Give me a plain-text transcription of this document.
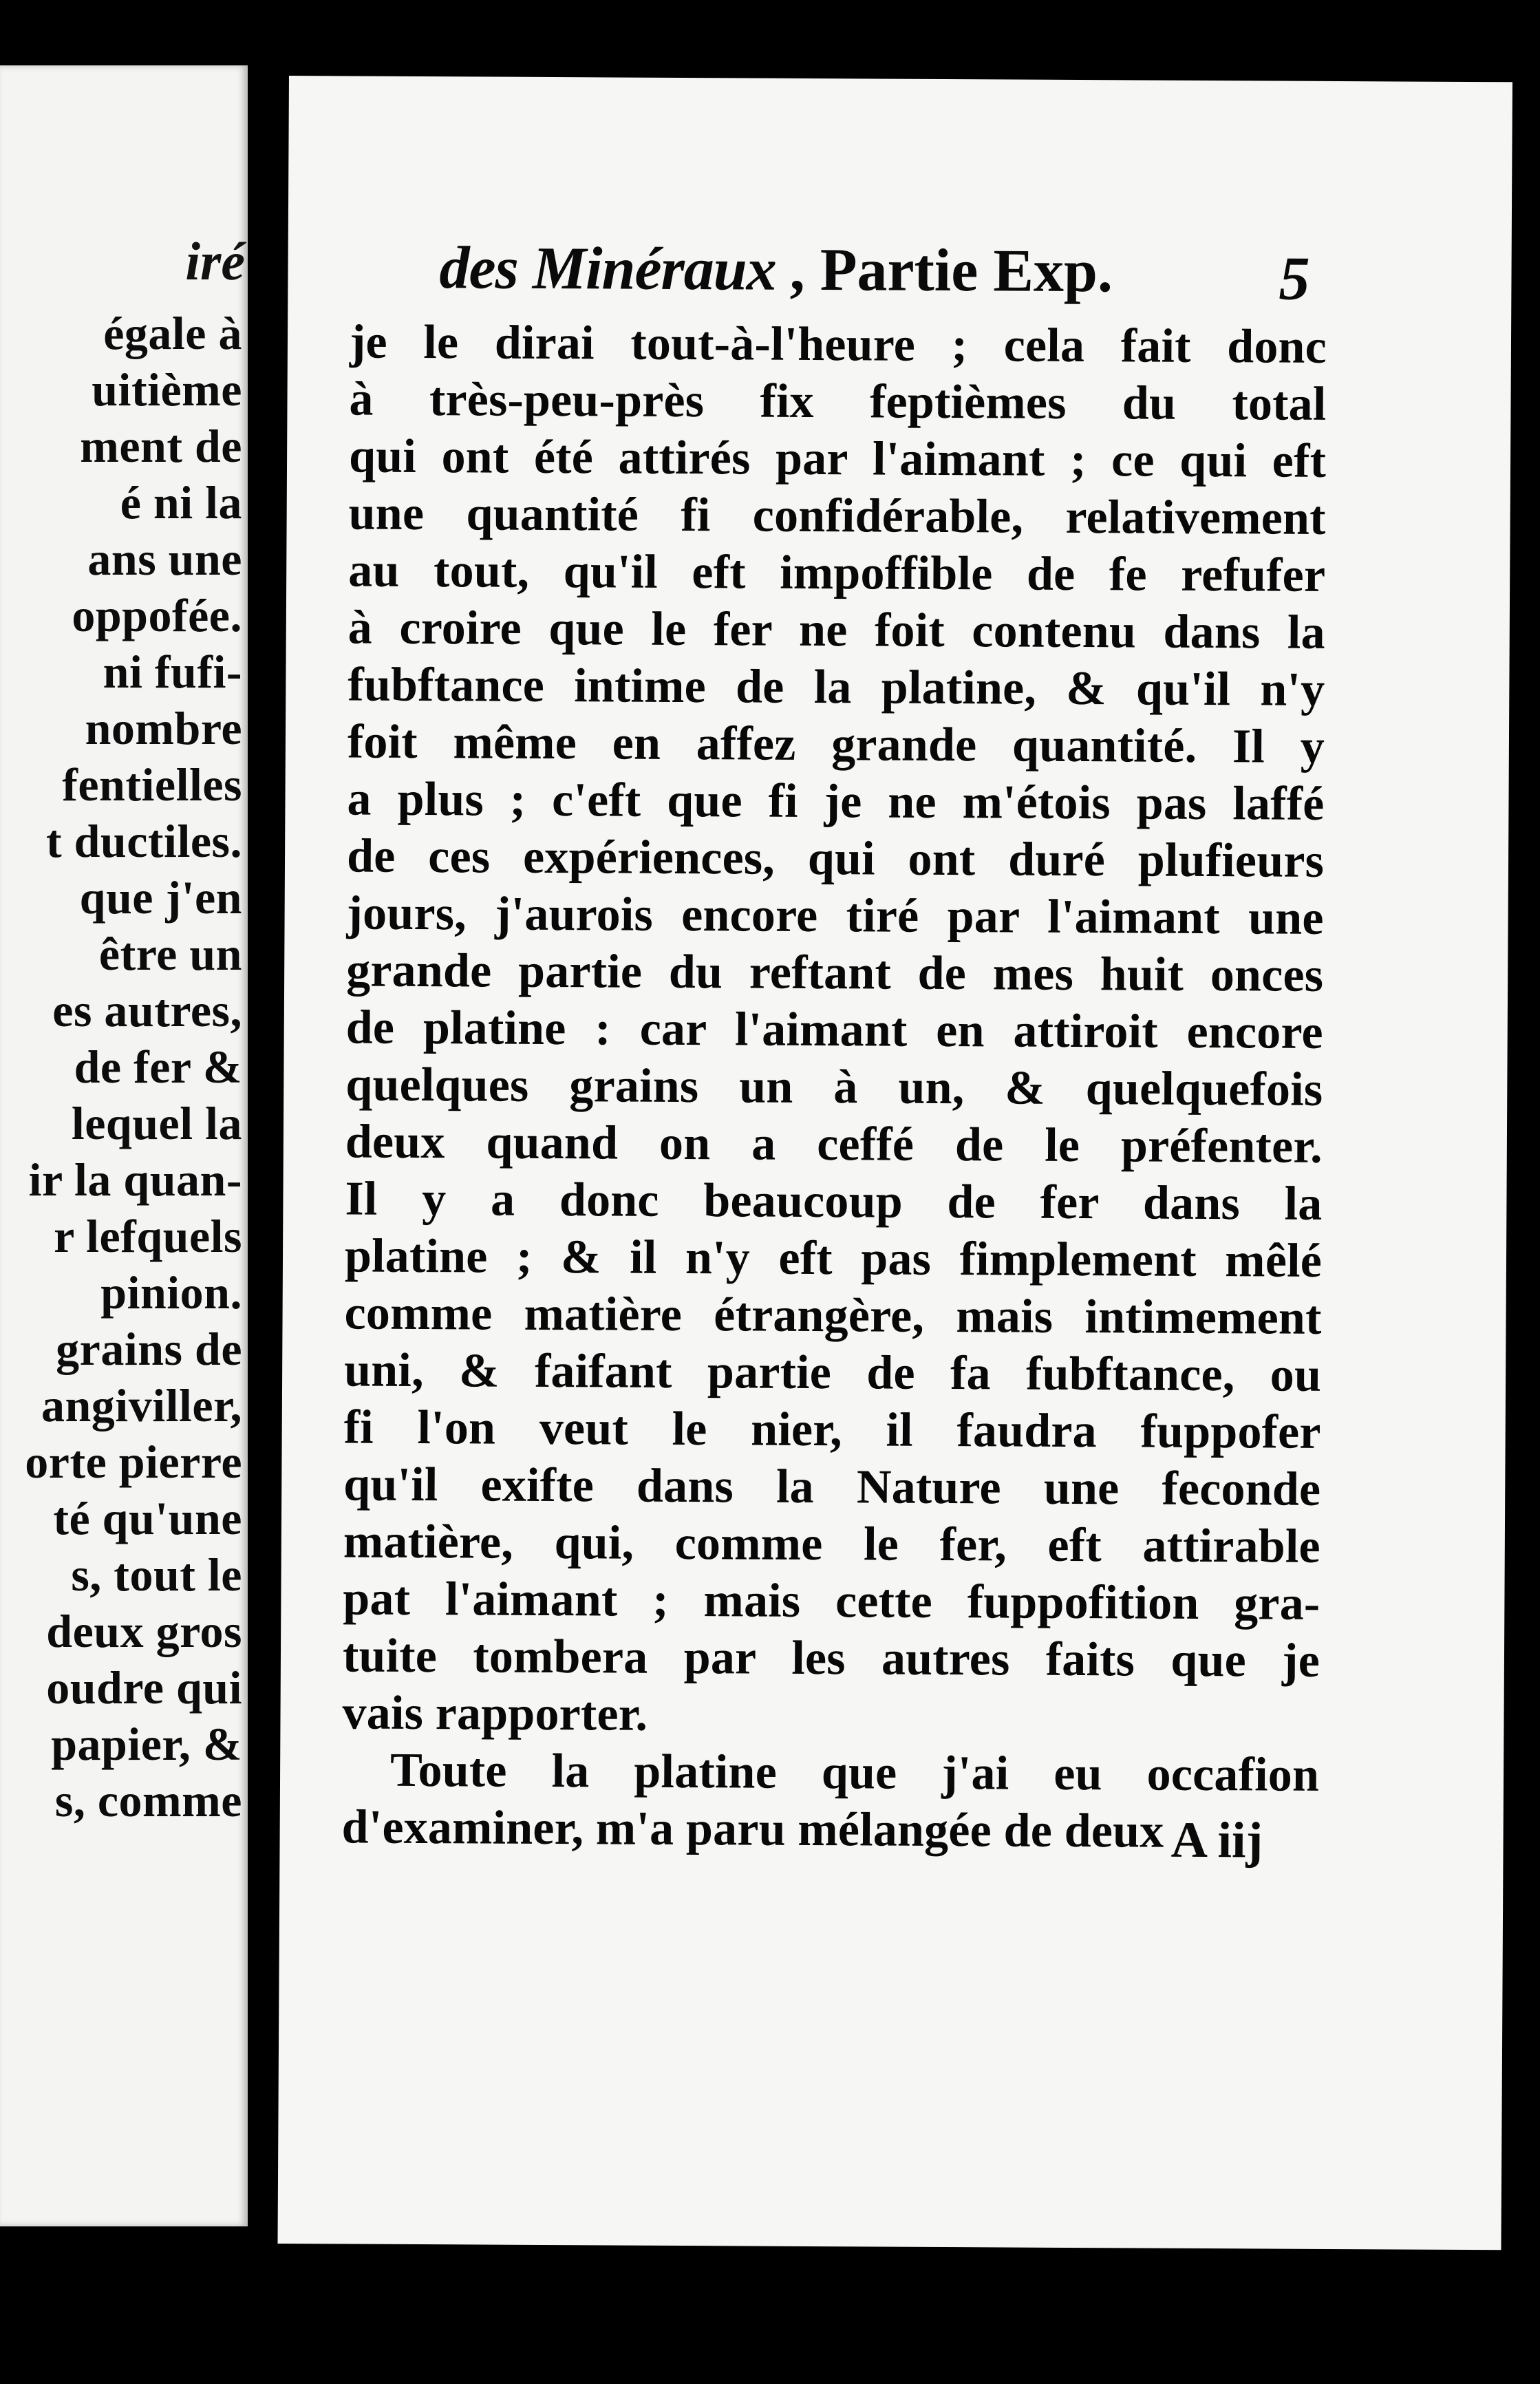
iré
égale à
uitième
ment de
é ni la
ans une
oppofée.
ni fufi-
nombre
fentielles
t ductiles.
que j'en
être un
es autres,
de fer &
lequel la
ir la quan-
r lefquels
pinion.
grains de
angiviller,
orte pierre
té qu'une
s, tout le
deux gros
oudre qui
papier, &
s, comme
des Minéraux , Partie Exp.	5
je le dirai tout-à-l'heure ; cela fait donc
à très-peu-près fix feptièmes du total
qui ont été attirés par l'aimant ; ce qui eft
une quantité fi confidérable, relativement
au tout, qu'il eft impoffible de fe refufer
à croire que le fer ne foit contenu dans la
fubftance intime de la platine, & qu'il n'y
foit même en affez grande quantité. Il y
a plus ; c'eft que fi je ne m'étois pas laffé
de ces expériences, qui ont duré plufieurs
jours, j'aurois encore tiré par l'aimant une
grande partie du reftant de mes huit onces
de platine : car l'aimant en attiroit encore
quelques grains un à un, & quelquefois
deux quand on a ceffé de le préfenter.
Il y a donc beaucoup de fer dans la
platine ; & il n'y eft pas fimplement mêlé
comme matière étrangère, mais intimement
uni, & faifant partie de fa fubftance, ou
fi l'on veut le nier, il faudra fuppofer
qu'il exifte dans la Nature une feconde
matière, qui, comme le fer, eft attirable
pat l'aimant ; mais cette fuppofition gra-
tuite tombera par les autres faits que je
vais rapporter.
Toute la platine que j'ai eu occafion
d'examiner, m'a paru mélangée de deux A iij
